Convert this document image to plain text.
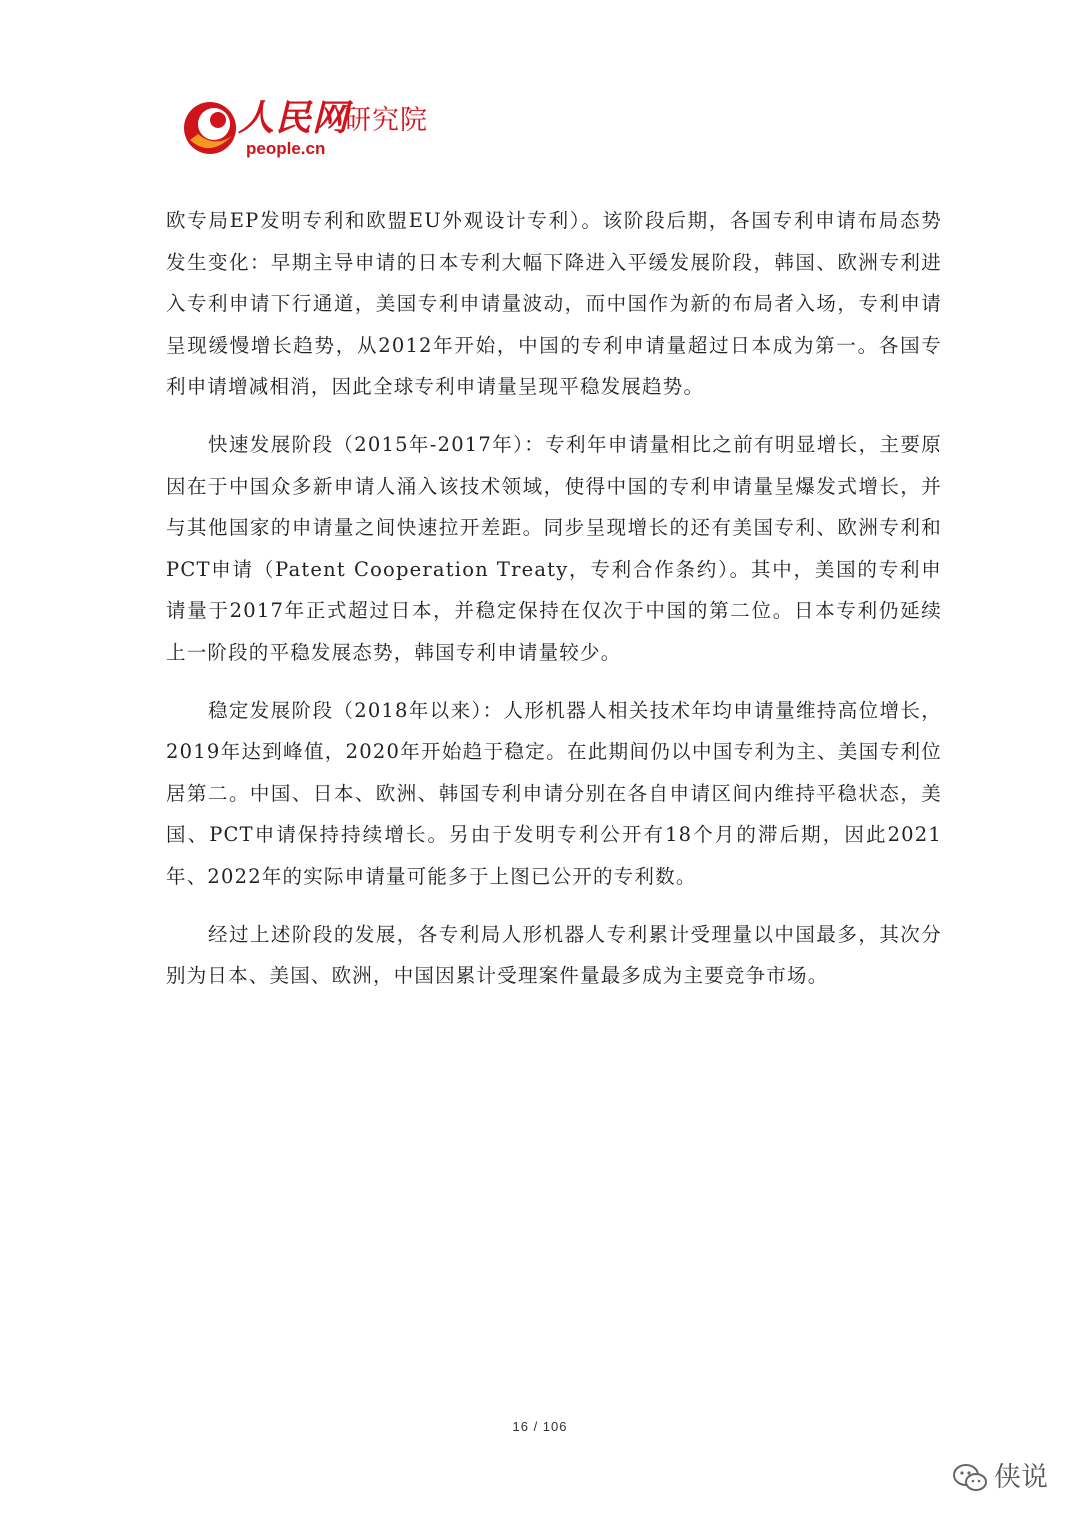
人民网
people.cn
研究院

欧专局EP发明专利和欧盟EU外观设计专利）。该阶段后期，各国专利申请布局态势发生变化：早期主导申请的日本专利大幅下降进入平缓发展阶段，韩国、欧洲专利进入专利申请下行通道，美国专利申请量波动，而中国作为新的布局者入场，专利申请呈现缓慢增长趋势，从2012年开始，中国的专利申请量超过日本成为第一。各国专利申请增减相消，因此全球专利申请量呈现平稳发展趋势。

快速发展阶段（2015年-2017年）：专利年申请量相比之前有明显增长，主要原因在于中国众多新申请人涌入该技术领域，使得中国的专利申请量呈爆发式增长，并与其他国家的申请量之间快速拉开差距。同步呈现增长的还有美国专利、欧洲专利和PCT申请（Patent Cooperation Treaty，专利合作条约）。其中，美国的专利申请量于2017年正式超过日本，并稳定保持在仅次于中国的第二位。日本专利仍延续上一阶段的平稳发展态势，韩国专利申请量较少。

稳定发展阶段（2018年以来）：人形机器人相关技术年均申请量维持高位增长，2019年达到峰值，2020年开始趋于稳定。在此期间仍以中国专利为主、美国专利位居第二。中国、日本、欧洲、韩国专利申请分别在各自申请区间内维持平稳状态，美国、PCT申请保持持续增长。另由于发明专利公开有18个月的滞后期，因此2021年、2022年的实际申请量可能多于上图已公开的专利数。

经过上述阶段的发展，各专利局人形机器人专利累计受理量以中国最多，其次分别为日本、美国、欧洲，中国因累计受理案件量最多成为主要竞争市场。

16 / 106
侠说
